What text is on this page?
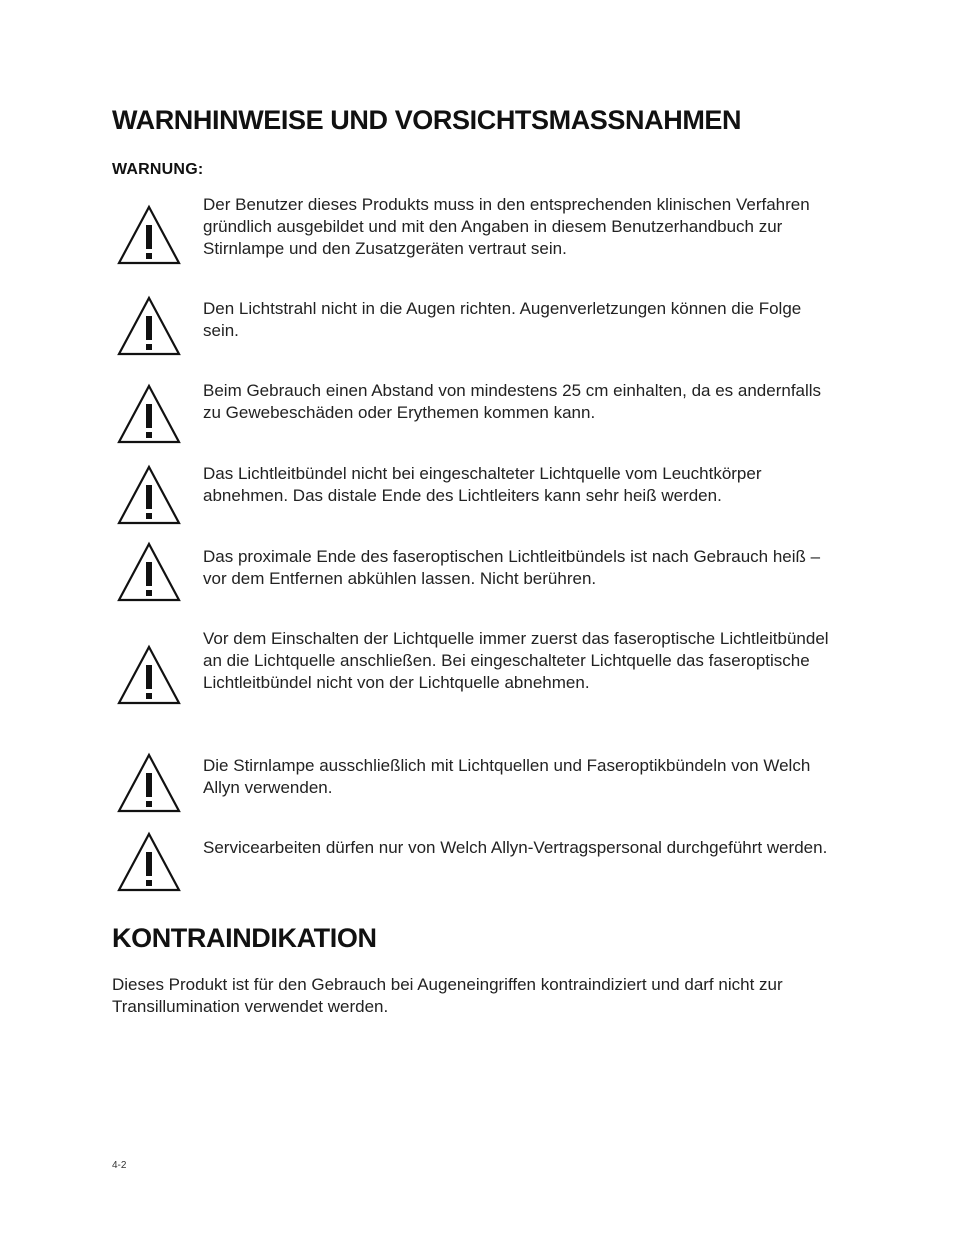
WARNHINWEISE UND VORSICHTSMASSNAHMEN
WARNUNG:
Der Benutzer dieses Produkts muss in den entsprechenden klinischen Verfahren gründlich ausgebildet und mit den Angaben in diesem Benutzerhandbuch zur Stirnlampe und den Zusatzgeräten vertraut sein.
Den Lichtstrahl nicht in die Augen richten. Augenverletzungen können die Folge sein.
Beim Gebrauch einen Abstand von mindestens 25 cm einhalten, da es andernfalls zu Gewebeschäden oder Erythemen kommen kann.
Das Lichtleitbündel nicht bei eingeschalteter Lichtquelle vom Leuchtkörper abnehmen. Das distale Ende des Lichtleiters kann sehr heiß werden.
Das proximale Ende des faseroptischen Lichtleitbündels ist nach Gebrauch heiß – vor dem Entfernen abkühlen lassen. Nicht berühren.
Vor dem Einschalten der Lichtquelle immer zuerst das faseroptische Lichtleitbündel an die Lichtquelle anschließen. Bei eingeschalteter Lichtquelle das faseroptische Lichtleitbündel nicht von der Lichtquelle abnehmen.
Die Stirnlampe ausschließlich mit Lichtquellen und Faseroptikbündeln von Welch Allyn verwenden.
Servicearbeiten dürfen nur von Welch Allyn-Vertragspersonal durchgeführt werden.
KONTRAINDIKATION
Dieses Produkt ist für den Gebrauch bei Augeneingriffen kontraindiziert und darf nicht zur Transillumination verwendet werden.
4-2
